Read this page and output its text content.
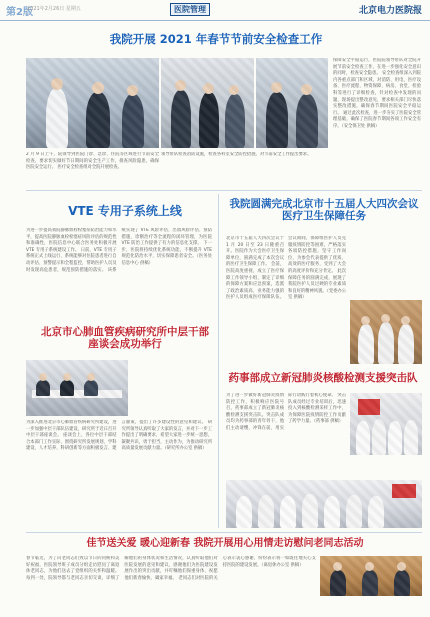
第2版
2021年2月26日 星期五	医院管理	北京电力医院报
我院开展 2021 年春节节前安全检查工作
保障安全平稳运行，医院院领导带队对全院开展节前安全检查工作，在进一步强化安全意识的同时，检查安全隐患。 安全检查组深入到院内各重点部门和区域，对消防、用电、医疗设备、医疗流程、物资保障、病房、食堂、检验科等进行了详细检查，针对检查中发现的问题，现场提出整改意见，要求相关部门尽快落实整改措施，确保春节期间医院安全平稳运行。 通过此次检查，进一步夯实了医院安全管理基础，确保了医院春节期间各项工作安全有序。（安全保卫处 供稿）
2 月 9 日上午，院领导到医院门诊、急诊、住院等区域进行节前安全检查，要求切实做好节日期间的安全生产工作，排查风险隐患，确保医院安全运行。 医疗安全检查组对全院开展检查。
领导带队检查消防设施，检查各科室安全防控措施，对节前安全工作提出要求。
VTE 专用子系统上线
为进一步提高我院静脉血栓栓塞症防治能力和水平，提高医院静脉血栓栓塞症风险评估的规范性和准确性，医院信息中心联合医务处积极开展 VTE 专用子系统建设工作。 日前，VTE 专用子系统正式上线运行，系统能够对住院患者进行自动评估、预警提示和全程监控，帮助医护人员及时发现高危患者，规范预防措施的落实。 该系统实现了 VTE 风险评估、出血风险评估、预防措施、诊断治疗等全流程的闭环管理，为医院 VTE 防治工作提供了有力的信息化支撑。 下一步，医院将持续优化系统功能，不断提升 VTE 规范化防治水平，切实保障患者安全。（医务处 信息中心 供稿）
我院圆满完成北京市十五届人大四次会议医疗卫生保障任务
北京市十五届人大四次会议于 1 月 20 日至 23 日隆重召开。医院作为大会医疗卫生保障单位，圆满完成了本次会议的医疗卫生保障工作。 会前，医院高度重视，成立了医疗保障工作领导小组，制定了详细的保障方案和应急预案，选派了政治素质高、业务能力强的医护人员组成医疗保障队伍。 会议期间，保障组医护人员克服疫情防控等困难，严格落实各项防控措施，坚守工作岗位，为参会代表提供了优质、高效的医疗服务，受到了大会的高度评价和充分肯定。 此次保障任务的圆满完成，展现了我院医护人员过硬的专业素质和良好的精神风貌。（党委办公室 供稿）
北京市心肺血管疾病研究所中层干部座谈会成功举行
为深入推进北京市心肺血管疾病研究所建设，进一步加强中层干部队伍建设，研究所于近日召开中层干部座谈会。 座谈会上，各位中层干部结合本部门工作实际，围绕研究所发展规划、学科建设、人才培养、科研创新等方面积极发言、建言献策，提出了许多建设性的意见和建议。 研究所领导认真听取了大家的发言，并对下一步工作提出了明确要求，希望大家进一步统一思想，凝聚共识，勇于担当，主动作为，为推动研究所高质量发展贡献力量。（研究所办公室 供稿）
药事部成立新冠肺炎核酸检测支援突击队
为了进一步做好新冠肺炎疫情防控工作，积极响应医院号召，药事部成立了新冠肺炎核酸检测支援突击队。突击队成员均为药事部的青年骨干，他们主动请缨，冲锋在前，用实际行动践行着初心使命。 突击队成员经过专业培训后，迅速投入到核酸检测采样工作中，为保障医院疫情防控工作贡献了药学力量。（药事部 供稿）
佳节送关爱 暖心迎新春 我院开展用心用情走访慰问老同志活动
春节临近，为了向老同志们致以节日的问候和美好祝福，医院领导班子成员分组走访慰问了离退休老同志，为他们送去了党组织的关怀和温暖。 每到一处，院领导都与老同志亲切交谈，详细了解他们的身体状况和生活情况，认真听取他们对医院发展的意见和建议，感谢他们为医院建设发展作出的突出贡献，并叮嘱他们保重身体，祝愿他们新春愉快、阖家幸福。 老同志们对医院的关心表示衷心感谢，纷纷表示将一如既往地关心支持医院的建设发展。（离退休办公室 供稿）
